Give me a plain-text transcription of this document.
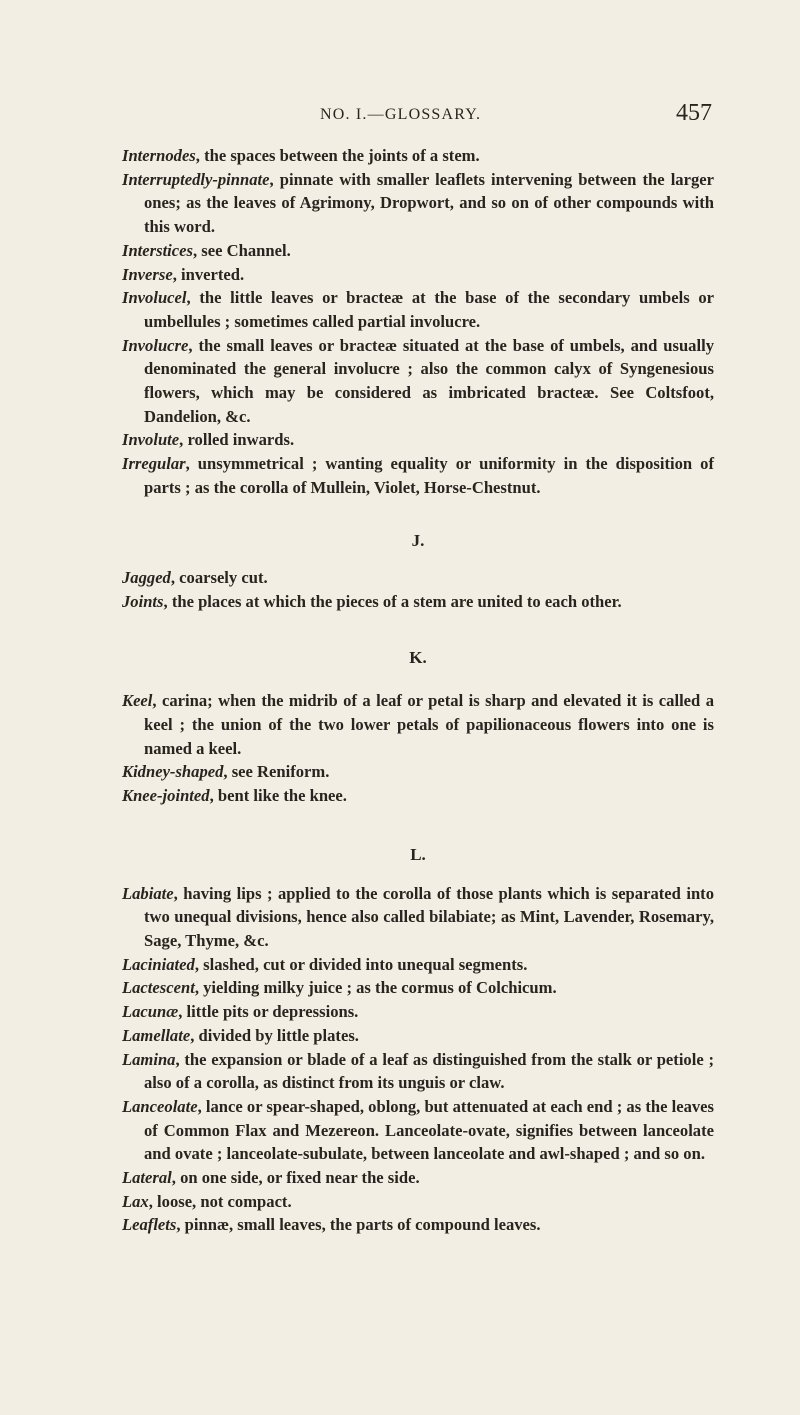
NO. I.—GLOSSARY.	457

Internodes, the spaces between the joints of a stem.

Interruptedly-pinnate, pinnate with smaller leaflets intervening between the larger ones; as the leaves of Agrimony, Dropwort, and so on of other compounds with this word.

Interstices, see Channel.

Inverse, inverted.

Involucel, the little leaves or bracteæ at the base of the secondary umbels or umbellules ; sometimes called partial involucre.

Involucre, the small leaves or bracteæ situated at the base of umbels, and usually denominated the general involucre ; also the common calyx of Syngenesious flowers, which may be considered as imbricated bracteæ. See Coltsfoot, Dandelion, &c.

Involute, rolled inwards.

Irregular, unsymmetrical ; wanting equality or uniformity in the disposition of parts ; as the corolla of Mullein, Violet, Horse-Chestnut.

J.

Jagged, coarsely cut.

Joints, the places at which the pieces of a stem are united to each other.

K.

Keel, carina; when the midrib of a leaf or petal is sharp and elevated it is called a keel ; the union of the two lower petals of papilionaceous flowers into one is named a keel.

Kidney-shaped, see Reniform.

Knee-jointed, bent like the knee.

L.

Labiate, having lips ; applied to the corolla of those plants which is separated into two unequal divisions, hence also called bilabiate; as Mint, Lavender, Rosemary, Sage, Thyme, &c.

Laciniated, slashed, cut or divided into unequal segments.

Lactescent, yielding milky juice ; as the cormus of Colchicum.

Lacunæ, little pits or depressions.

Lamellate, divided by little plates.

Lamina, the expansion or blade of a leaf as distinguished from the stalk or petiole ; also of a corolla, as distinct from its unguis or claw.

Lanceolate, lance or spear-shaped, oblong, but attenuated at each end ; as the leaves of Common Flax and Mezereon. Lanceolate-ovate, signifies between lanceolate and ovate ; lanceolate-subulate, between lanceolate and awl-shaped ; and so on.

Lateral, on one side, or fixed near the side.

Lax, loose, not compact.

Leaflets, pinnæ, small leaves, the parts of compound leaves.
